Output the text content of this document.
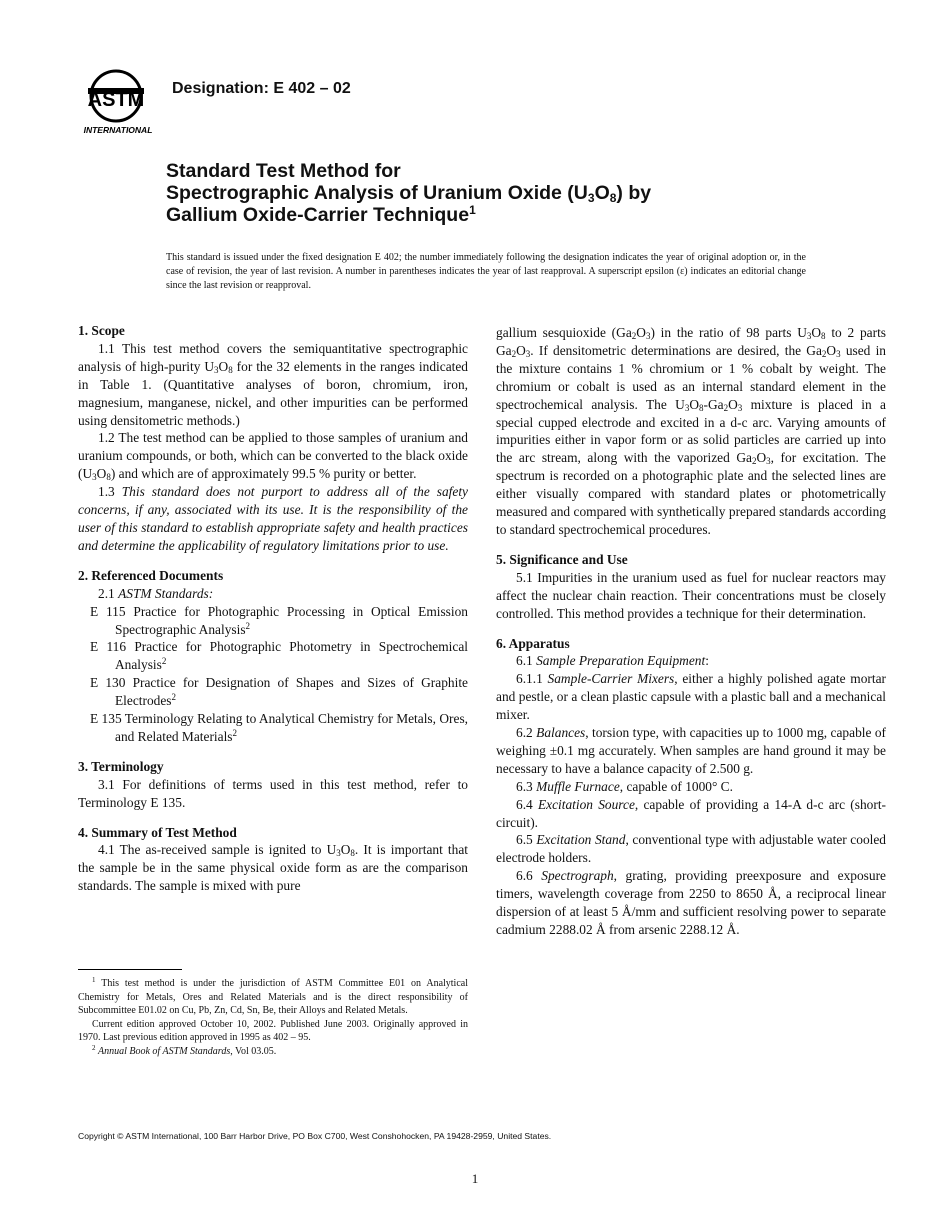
ASTM
INTERNATIONAL
Designation: E 402 – 02
Standard Test Method for
Spectrographic Analysis of Uranium Oxide $(U_3O_8)$ by
Gallium Oxide-Carrier Technique$^1$
This standard is issued under the fixed designation E 402; the number immediately following the designation indicates the year of original adoption or, in the case of revision, the year of last revision. A number in parentheses indicates the year of last reapproval. A superscript epsilon (ε) indicates an editorial change since the last revision or reapproval.
1. Scope

1.1 This test method covers the semiquantitative spectrographic analysis of high-purity $U_3O_8$ for the 32 elements in the ranges indicated in Table 1. (Quantitative analyses of boron, chromium, iron, magnesium, manganese, nickel, and other impurities can be performed using densitometric methods.)

1.2 The test method can be applied to those samples of uranium and uranium compounds, or both, which can be converted to the black oxide $(U_3O_8)$ and which are of approximately 99.5 % purity or better.

1.3 This standard does not purport to address all of the safety concerns, if any, associated with its use. It is the responsibility of the user of this standard to establish appropriate safety and health practices and determine the applicability of regulatory limitations prior to use.

2. Referenced Documents

2.1 ASTM Standards:

E 115 Practice for Photographic Processing in Optical Emission Spectrographic Analysis$^2$

E 116 Practice for Photographic Photometry in Spectrochemical Analysis$^2$

E 130 Practice for Designation of Shapes and Sizes of Graphite Electrodes$^2$

E 135 Terminology Relating to Analytical Chemistry for Metals, Ores, and Related Materials$^2$

3. Terminology

3.1 For definitions of terms used in this test method, refer to Terminology E 135.

4. Summary of Test Method

4.1 The as-received sample is ignited to $U_3O_8$. It is important that the sample be in the same physical oxide form as are the comparison standards. The sample is mixed with pure

gallium sesquioxide $(Ga_2O_3)$ in the ratio of 98 parts $U_3O_8$ to 2 parts $Ga_2O_3$. If densitometric determinations are desired, the $Ga_2O_3$ used in the mixture contains 1 % chromium or 1 % cobalt by weight. The chromium or cobalt is used as an internal standard element in the spectrochemical analysis. The $U_3O_8-Ga_2O_3$ mixture is placed in a special cupped electrode and excited in a d-c arc. Varying amounts of impurities either in vapor form or as solid particles are carried up into the arc stream, along with the vaporized $Ga_2O_3$, for excitation. The spectrum is recorded on a photographic plate and the selected lines are either visually compared with standard plates or photometrically measured and compared with synthetically prepared standards according to standard spectrochemical procedures.

5. Significance and Use

5.1 Impurities in the uranium used as fuel for nuclear reactors may affect the nuclear chain reaction. Their concentrations must be closely controlled. This method provides a technique for their determination.

6. Apparatus

6.1 Sample Preparation Equipment:

6.1.1 Sample-Carrier Mixers, either a highly polished agate mortar and pestle, or a clean plastic capsule with a plastic ball and a mechanical mixer.

6.2 Balances, torsion type, with capacities up to 1000 mg, capable of weighing ±0.1 mg accurately. When samples are hand ground it may be necessary to have a balance capacity of 2.500 g.

6.3 Muffle Furnace, capable of 1000° C.

6.4 Excitation Source, capable of providing a 14-A d-c arc (short-circuit).

6.5 Excitation Stand, conventional type with adjustable water cooled electrode holders.

6.6 Spectrograph, grating, providing preexposure and exposure timers, wavelength coverage from 2250 to 8650 Å, a reciprocal linear dispersion of at least 5 Å/mm and sufficient resolving power to separate cadmium 2288.02 Å from arsenic 2288.12 Å.

$^1$ This test method is under the jurisdiction of ASTM Committee E01 on Analytical Chemistry for Metals, Ores and Related Materials and is the direct responsibility of Subcommittee E01.02 on Cu, Pb, Zn, Cd, Sn, Be, their Alloys and Related Metals.

Current edition approved October 10, 2002. Published June 2003. Originally approved in 1970. Last previous edition approved in 1995 as 402 – 95.

$^2$ Annual Book of ASTM Standards, Vol 03.05.

Copyright © ASTM International, 100 Barr Harbor Drive, PO Box C700, West Conshohocken, PA 19428-2959, United States.
1
